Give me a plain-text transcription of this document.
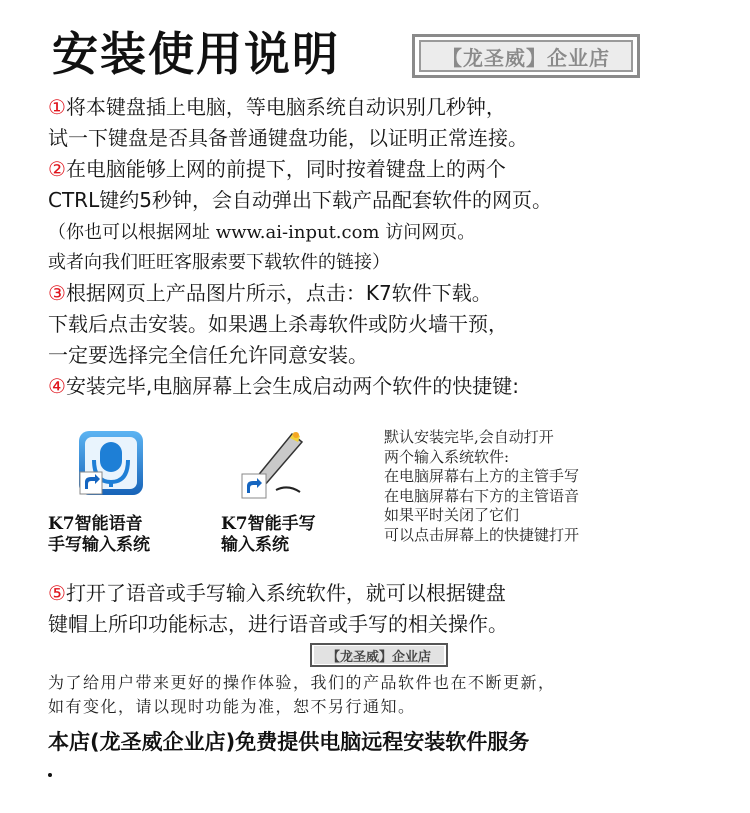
安装使用说明	【龙圣威】企业店
①将本键盘插上电脑，等电脑系统自动识别几秒钟，
试一下键盘是否具备普通键盘功能，以证明正常连接。
②在电脑能够上网的前提下，同时按着键盘上的两个
CTRL键约5秒钟，会自动弹出下载产品配套软件的网页。
（你也可以根据网址 www.ai-input.com 访问网页。
或者向我们旺旺客服索要下载软件的链接）
③根据网页上产品图片所示，点击：K7软件下载。
下载后点击安装。如果遇上杀毒软件或防火墙干预，
一定要选择完全信任允许同意安装。
④安装完毕,电脑屏幕上会生成启动两个软件的快捷键:
K7智能语音
手写输入系统
K7智能手写
输入系统
默认安装完毕,会自动打开
两个输入系统软件:
在电脑屏幕右上方的主管手写
在电脑屏幕右下方的主管语音
如果平时关闭了它们
可以点击屏幕上的快捷键打开
⑤打开了语音或手写输入系统软件，就可以根据键盘
键帽上所印功能标志，进行语音或手写的相关操作。
【龙圣威】企业店
为了给用户带来更好的操作体验，我们的产品软件也在不断更新，
如有变化，请以现时功能为准，恕不另行通知。
本店(龙圣威企业店)免费提供电脑远程安装软件服务
